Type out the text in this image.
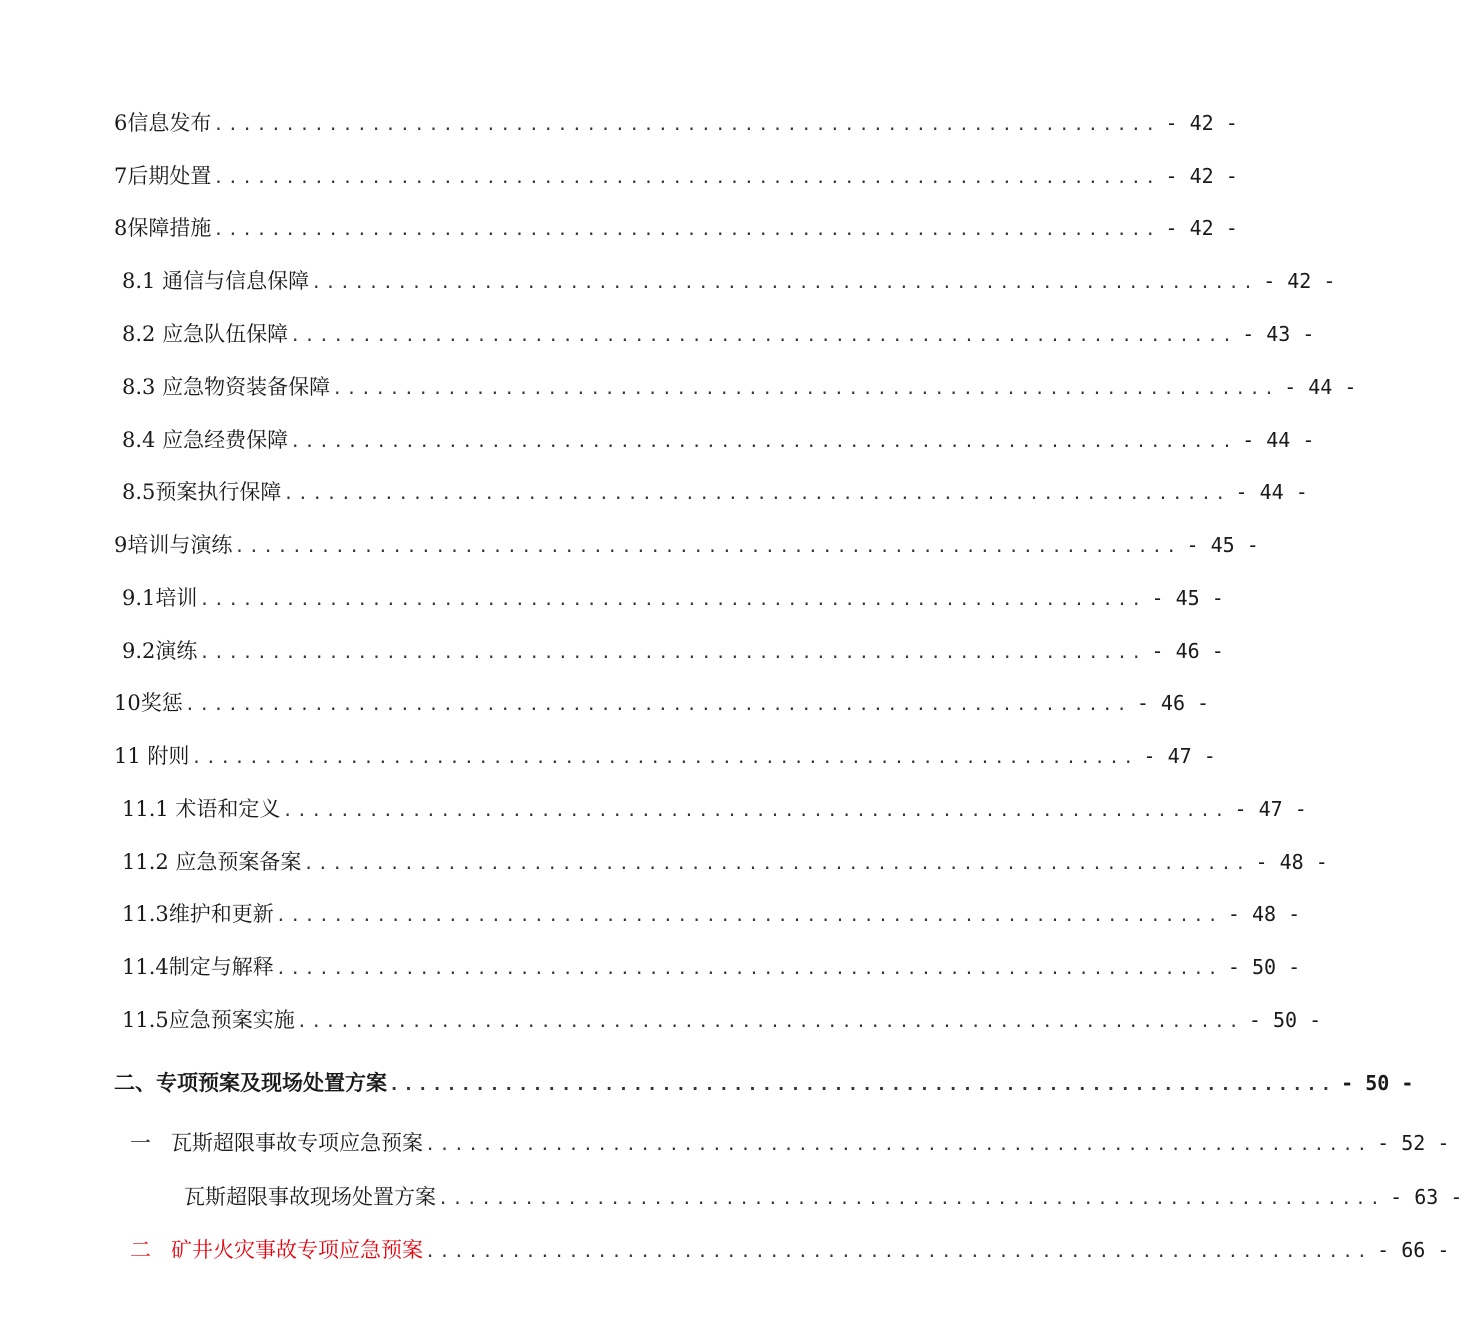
6信息发布 .................................................................. - 42 -
7后期处置 .................................................................. - 42 -
8保障措施 .................................................................. - 42 -
8.1 通信与信息保障 .................................................................. - 42 -
8.2 应急队伍保障 .................................................................. - 43 -
8.3 应急物资装备保障 .................................................................. - 44 -
8.4 应急经费保障 .................................................................. - 44 -
8.5预案执行保障 .................................................................. - 44 -
9培训与演练 .................................................................. - 45 -
9.1培训 .................................................................. - 45 -
9.2演练 .................................................................. - 46 -
10奖惩 .................................................................. - 46 -
11 附则 .................................................................. - 47 -
11.1 术语和定义 .................................................................. - 47 -
11.2 应急预案备案 .................................................................. - 48 -
11.3维护和更新 .................................................................. - 48 -
11.4制定与解释 .................................................................. - 50 -
11.5应急预案实施 .................................................................. - 50 -
二、专项预案及现场处置方案 .................................................................. - 50 -
一   瓦斯超限事故专项应急预案 .................................................................. - 52 -
瓦斯超限事故现场处置方案 .................................................................. - 63 -
二   矿井火灾事故专项应急预案 .................................................................. - 66 -
